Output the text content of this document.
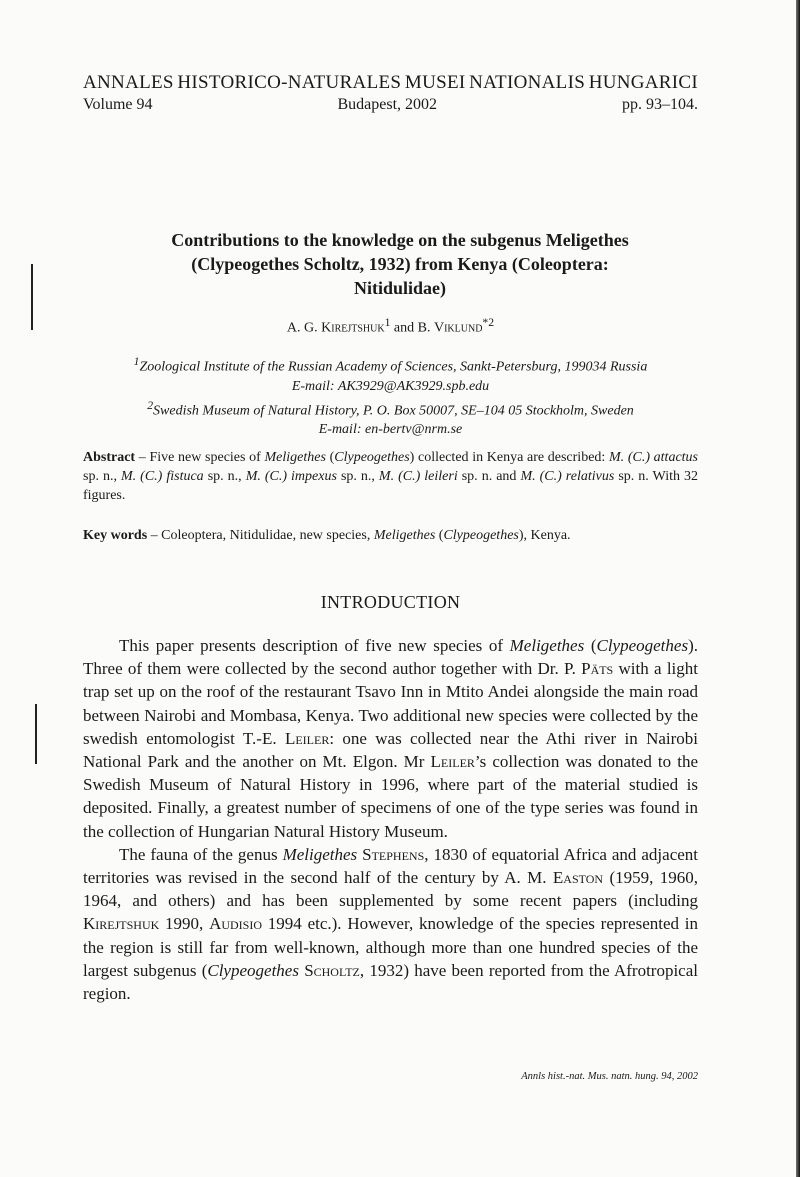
ANNALES HISTORICO-NATURALES MUSEI NATIONALIS HUNGARICI
Volume 94	Budapest, 2002	pp. 93–104.
Contributions to the knowledge on the subgenus Meligethes
(Clypeogethes Scholtz, 1932) from Kenya (Coleoptera:
Nitidulidae)
A. G. Kirejtshuk$^1$ and B. Viklund$^{*2}$
$^1$Zoological Institute of the Russian Academy of Sciences, Sankt-Petersburg, 199034 Russia
E-mail: AK3929@AK3929.spb.edu
$^2$Swedish Museum of Natural History, P. O. Box 50007, SE–104 05 Stockholm, Sweden
E-mail: en-bertv@nrm.se
Abstract – Five new species of Meligethes (Clypeogethes) collected in Kenya are described: M. (C.) attactus sp. n., M. (C.) fistuca sp. n., M. (C.) impexus sp. n., M. (C.) leileri sp. n. and M. (C.) relativus sp. n. With 32 figures.
Key words – Coleoptera, Nitidulidae, new species, Meligethes (Clypeogethes), Kenya.
INTRODUCTION

This paper presents description of five new species of Meligethes (Clypeogethes). Three of them were collected by the second author together with Dr. P. Päts with a light trap set up on the roof of the restaurant Tsavo Inn in Mtito Andei alongside the main road between Nairobi and Mombasa, Kenya. Two additional new species were collected by the swedish entomologist T.-E. Leiler: one was collected near the Athi river in Nairobi National Park and the another on Mt. Elgon. Mr Leiler’s collection was donated to the Swedish Museum of Natural History in 1996, where part of the material studied is deposited. Finally, a greatest number of specimens of one of the type series was found in the collection of Hungarian Natural History Museum.

The fauna of the genus Meligethes Stephens, 1830 of equatorial Africa and adjacent territories was revised in the second half of the century by A. M. Easton (1959, 1960, 1964, and others) and has been supplemented by some recent papers (including Kirejtshuk 1990, Audisio 1994 etc.). However, knowledge of the species represented in the region is still far from well-known, although more than one hundred species of the largest subgenus (Clypeogethes Scholtz, 1932) have been reported from the Afrotropical region.

Annls hist.-nat. Mus. natn. hung. 94, 2002
